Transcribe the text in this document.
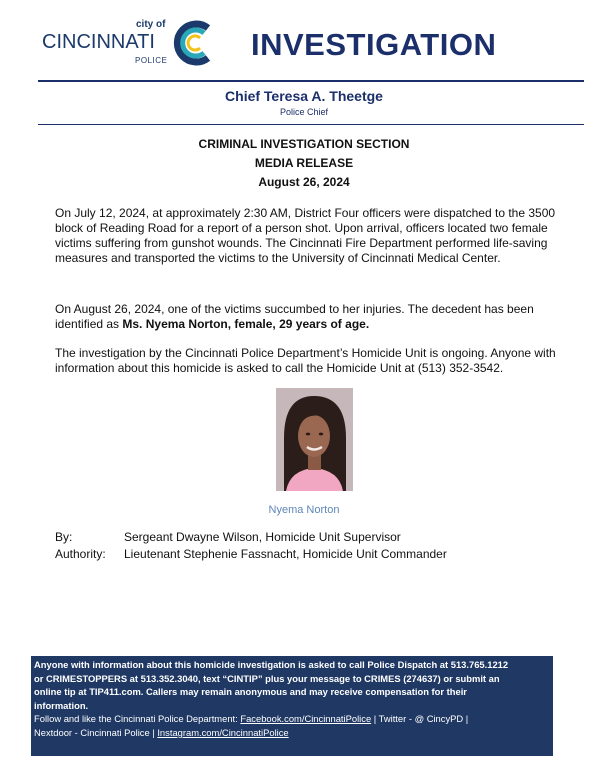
city of
CINCINNATI
POLICE	INVESTIGATION
Chief Teresa A. Theetge
Police Chief
CRIMINAL INVESTIGATION SECTION
MEDIA RELEASE
August 26, 2024
On July 12, 2024, at approximately 2:30 AM, District Four officers were dispatched to the 3500 block of Reading Road for a report of a person shot. Upon arrival, officers located two female victims suffering from gunshot wounds. The Cincinnati Fire Department performed life-saving measures and transported the victims to the University of Cincinnati Medical Center.
On August 26, 2024, one of the victims succumbed to her injuries. The decedent has been identified as Ms. Nyema Norton, female, 29 years of age.
The investigation by the Cincinnati Police Department’s Homicide Unit is ongoing. Anyone with information about this homicide is asked to call the Homicide Unit at (513) 352-3542.
Nyema Norton
By:	Sergeant Dwayne Wilson, Homicide Unit Supervisor
Authority: Lieutenant Stephenie Fassnacht, Homicide Unit Commander
Anyone with information about this homicide investigation is asked to call Police Dispatch at 513.765.1212
or CRIMESTOPPERS at 513.352.3040, text “CINTIP” plus your message to CRIMES (274637) or submit an
online tip at TIP411.com. Callers may remain anonymous and may receive compensation for their
information.
Follow and like the Cincinnati Police Department: Facebook.com/CincinnatiPolice | Twitter - @ CincyPD |
Nextdoor - Cincinnati Police | Instagram.com/CincinnatiPolice
